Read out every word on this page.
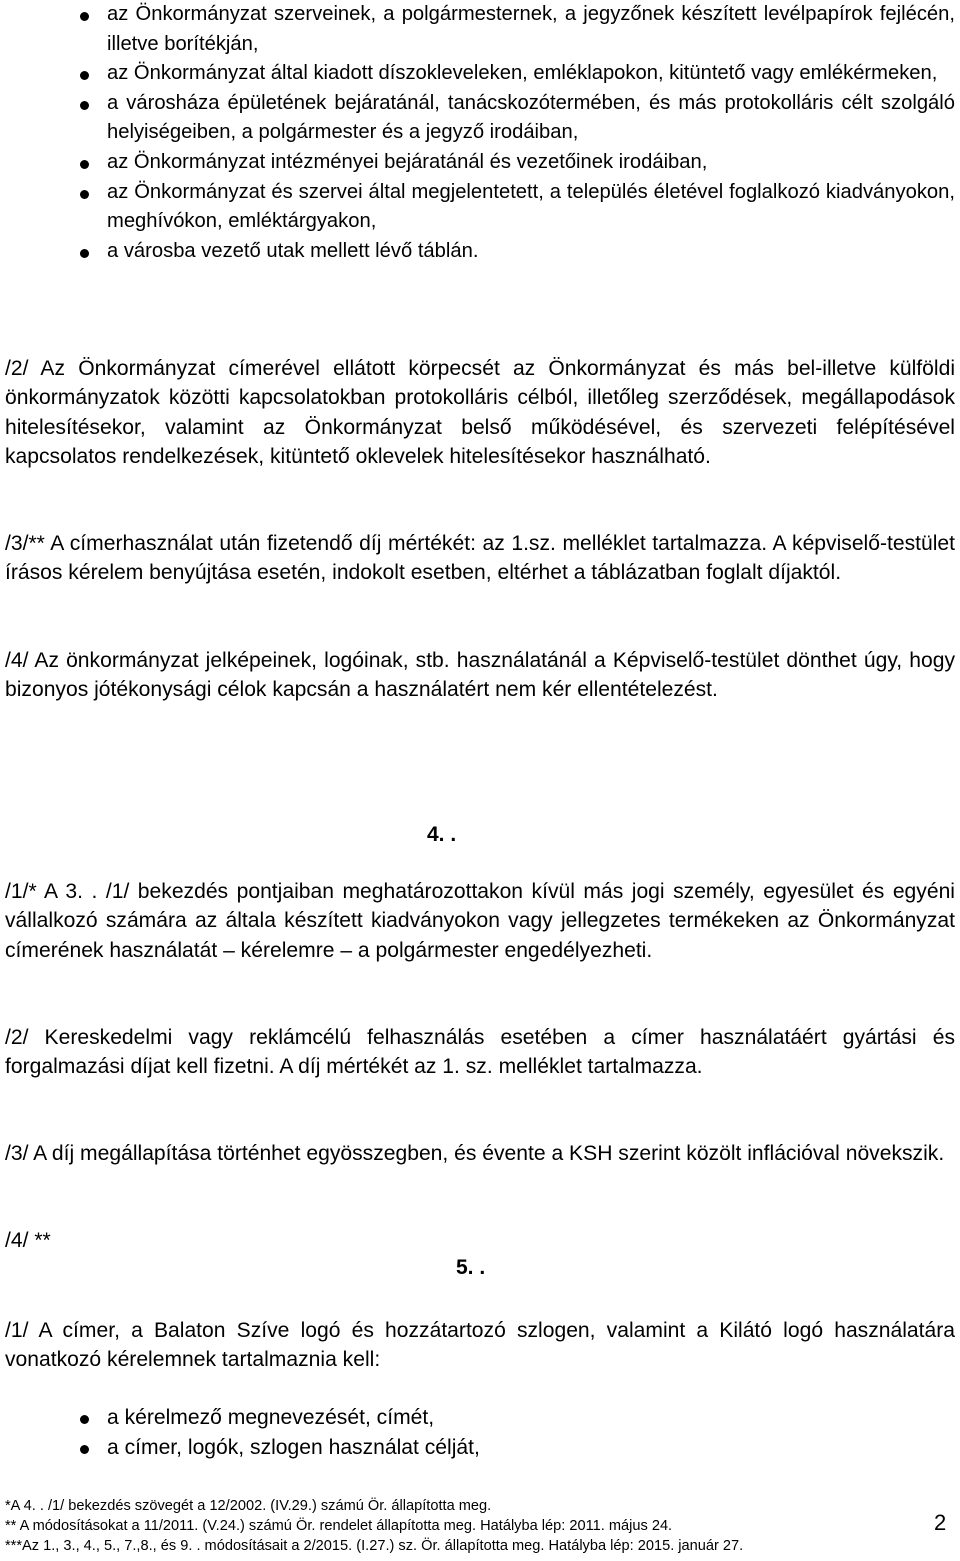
az Önkormányzat szerveinek, a polgármesternek, a jegyzőnek készített levélpapírok fejlécén, illetve borítékján,
az Önkormányzat által kiadott díszokleveleken, emléklapokon, kitüntető vagy emlékérmeken,
a városháza épületének bejáratánál, tanácskozótermében, és más protokolláris célt szolgáló helyiségeiben, a polgármester és a jegyző irodáiban,
az Önkormányzat intézményei bejáratánál és vezetőinek irodáiban,
az Önkormányzat és szervei által megjelentetett, a település életével foglalkozó kiadványokon, meghívókon, emléktárgyakon,
a városba vezető utak mellett lévő táblán.

/2/ Az Önkormányzat címerével ellátott körpecsét az Önkormányzat és más bel-illetve külföldi önkormányzatok közötti kapcsolatokban protokolláris célból, illetőleg szerződések, megállapodások hitelesítésekor, valamint az Önkormányzat belső működésével, és szervezeti felépítésével kapcsolatos rendelkezések, kitüntető oklevelek hitelesítésekor használható.

/3/** A címerhasználat után fizetendő díj mértékét: az 1.sz. melléklet tartalmazza. A képviselő-testület írásos kérelem benyújtása esetén, indokolt esetben, eltérhet a táblázatban foglalt díjaktól.

/4/ Az önkormányzat jelképeinek, logóinak, stb. használatánál a Képviselő-testület dönthet úgy, hogy bizonyos jótékonysági célok kapcsán a használatért nem kér ellentételezést.

4. .

/1/* A 3. . /1/ bekezdés pontjaiban meghatározottakon kívül más jogi személy, egyesület és egyéni vállalkozó számára az általa készített kiadványokon vagy jellegzetes termékeken az Önkormányzat címerének használatát – kérelemre – a polgármester engedélyezheti.

/2/ Kereskedelmi vagy reklámcélú felhasználás esetében a címer használatáért gyártási és forgalmazási díjat kell fizetni. A díj mértékét az 1. sz. melléklet tartalmazza.

/3/ A díj megállapítása történhet egyösszegben, és évente a KSH szerint közölt inflációval növekszik.

/4/ **

5. .

/1/ A címer, a Balaton Szíve logó és hozzátartozó szlogen, valamint a Kilátó logó használatára vonatkozó kérelemnek tartalmaznia kell:

a kérelmező megnevezését, címét,
a címer, logók, szlogen használat célját,
*A 4. . /1/ bekezdés szövegét a 12/2002. (IV.29.) számú Ör. állapította meg.
** A módosításokat a 11/2011. (V.24.) számú Ör. rendelet állapította meg. Hatályba lép: 2011. május 24.
***Az 1., 3., 4., 5., 7.,8., és 9. . módosításait a 2/2015. (I.27.) sz. Ör. állapította meg. Hatályba lép: 2015. január 27.
2
